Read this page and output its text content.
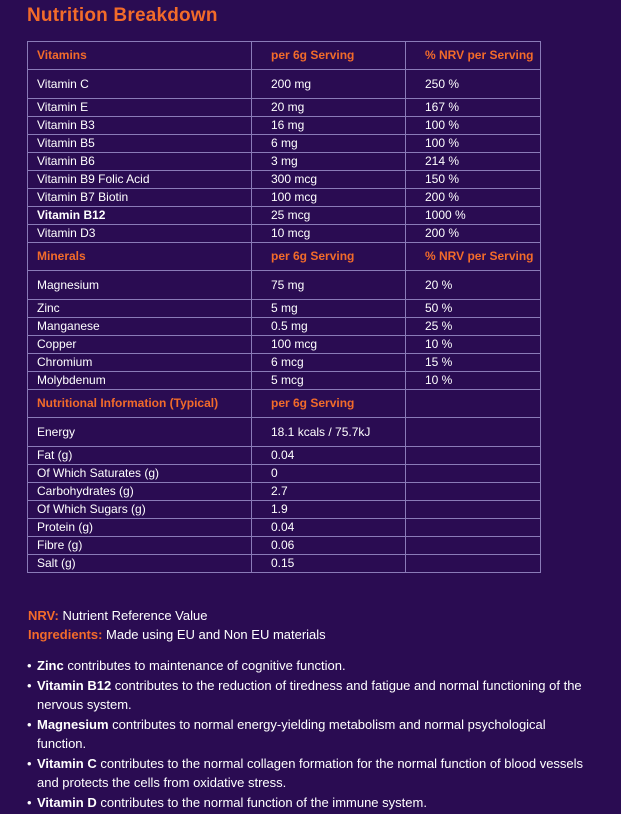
Nutrition Breakdown
Vitamins	per 6g Serving	% NRV per Serving
Vitamin C	200 mg	250 %
Vitamin E	20 mg	167 %
Vitamin B3	16 mg	100 %
Vitamin B5	6 mg	100 %
Vitamin B6	3 mg	214 %
Vitamin B9 Folic Acid	300 mcg	150 %
Vitamin B7 Biotin	100 mcg	200 %
Vitamin B12	25 mcg	1000 %
Vitamin D3	10 mcg	200 %
Minerals	per 6g Serving	% NRV per Serving
Magnesium	75 mg	20 %
Zinc	5 mg	50 %
Manganese	0.5 mg	25 %
Copper	100 mcg	10 %
Chromium	6 mcg	15 %
Molybdenum	5 mcg	10 %
Nutritional Information (Typical)	per 6g Serving	
Energy	18.1 kcals / 75.7kJ	
Fat (g)	0.04	
Of Which Saturates (g)	0	
Carbohydrates (g)	2.7	
Of Which Sugars (g)	1.9	
Protein (g)	0.04	
Fibre (g)	0.06	
Salt (g)	0.15	
NRV: Nutrient Reference Value
Ingredients: Made using EU and Non EU materials
• Zinc contributes to maintenance of cognitive function.
• Vitamin B12 contributes to the reduction of tiredness and fatigue and normal functioning of the nervous system.
• Magnesium contributes to normal energy-yielding metabolism and normal psychological function.
• Vitamin C contributes to the normal collagen formation for the normal function of blood vessels and protects the cells from oxidative stress.
• Vitamin D contributes to the normal function of the immune system.
